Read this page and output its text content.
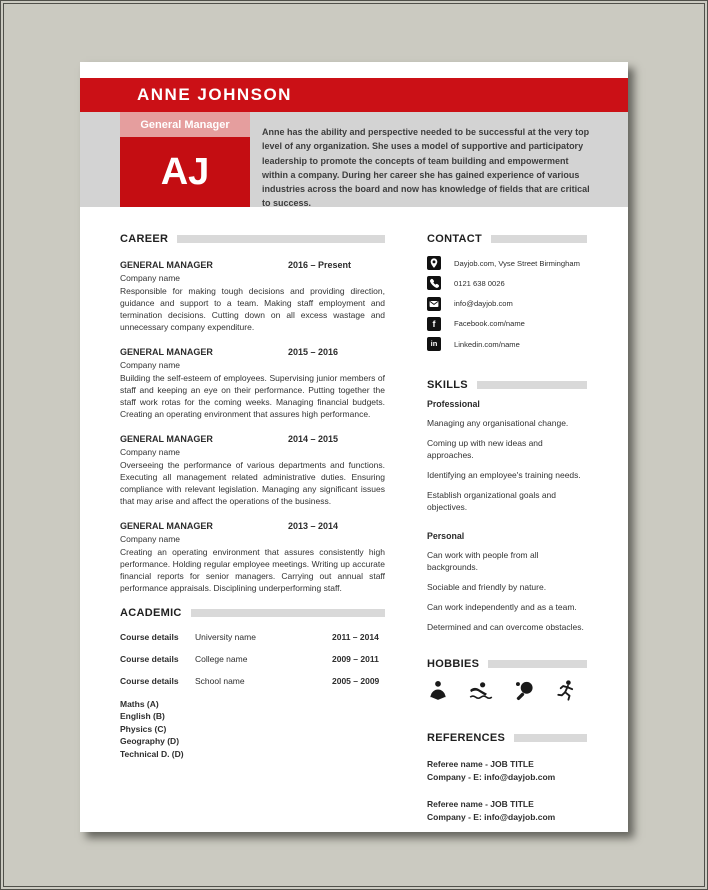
ANNE JOHNSON
General Manager
AJ
Anne has the ability and perspective needed to be successful at the very top level of any organization. She uses a model of supportive and participatory leadership to promote the concepts of team building and empowerment within a company. During her career she has gained experience of various industries across the board and now has knowledge of fields that are critical to success.
CAREER
GENERAL MANAGER	2016 – Present
Company name
Responsible for making tough decisions and providing direction, guidance and support to a team. Making staff employment and termination decisions. Cutting down on all excess wastage and unnecessary company expenditure.
GENERAL MANAGER	2015 – 2016
Company name
Building the self-esteem of employees. Supervising junior members of staff and keeping an eye on their performance. Putting together the staff work rotas for the coming weeks. Managing financial budgets. Creating an operating environment that assures high performance.
GENERAL MANAGER	2014 – 2015
Company name
Overseeing the performance of various departments and functions. Executing all management related administrative duties. Ensuring compliance with relevant legislation. Managing any significant issues that may arise and affect the operations of the business.
GENERAL MANAGER	2013 – 2014
Company name
Creating an operating environment that assures consistently high performance. Holding regular employee meetings. Writing up accurate financial reports for senior managers. Carrying out annual staff performance appraisals. Disciplining underperforming staff.
ACADEMIC
Course details	University name	2011 – 2014
Course details	College name	2009 – 2011
Course details	School name	2005 – 2009
Maths (A)
English (B)
Physics (C)
Geography (D)
Technical D. (D)
CONTACT
Dayjob.com, Vyse Street Birmingham
0121 638 0026
info@dayjob.com
f Facebook.com/name
in Linkedin.com/name
SKILLS
Professional
Managing any organisational change.
Coming up with new ideas and approaches.
Identifying an employee's training needs.
Establish organizational goals and objectives.
Personal
Can work with people from all backgrounds.
Sociable and friendly by nature.
Can work independently and as a team.
Determined and can overcome obstacles.
HOBBIES
REFERENCES
Referee name - JOB TITLE
Company - E: info@dayjob.com
Referee name - JOB TITLE
Company - E: info@dayjob.com
